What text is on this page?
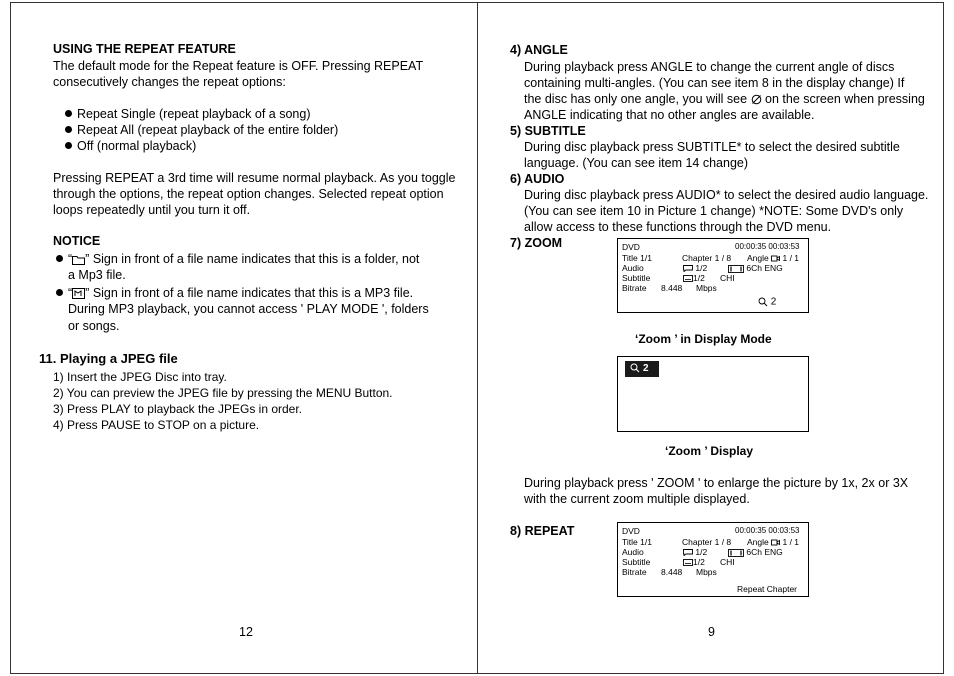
USING THE REPEAT FEATURE
The default mode for the Repeat feature is OFF. Pressing REPEAT
consecutively changes the repeat options:
Repeat Single (repeat playback of a song)
Repeat All (repeat playback of the entire folder)
Off (normal playback)
Pressing REPEAT a 3rd time will resume normal playback. As you toggle
through the options, the repeat option changes. Selected repeat option
loops repeatedly until you turn it off.
NOTICE
“ ” Sign in front of a file name indicates that this is a folder, not
a Mp3 file.
“ ” Sign in front of a file name indicates that this is a MP3 file.
During MP3 playback, you cannot access ' PLAY MODE ', folders
or songs.
11. Playing a JPEG file
1) Insert the JPEG Disc into tray.
2) You can preview the JPEG file by pressing the MENU Button.
3) Press PLAY to playback the JPEGs in order.
4) Press PAUSE to STOP on a picture.
12
4) ANGLE
During playback press ANGLE to change the current angle of discs
containing multi-angles. (You can see item 8 in the display change) If
the disc has only one angle, you will see on the screen when pressing
ANGLE indicating that no other angles are available.
5) SUBTITLE
During disc playback press SUBTITLE* to select the desired subtitle
language. (You can see item 14 change)
6) AUDIO
During disc playback press AUDIO* to select the desired audio language.
(You can see item 10 in Picture 1 change) *NOTE: Some DVD's only
allow access to these functions through the DVD menu.
7) ZOOM	DVD	00:00:35 00:03:53
Title 1/1	Chapter 1 / 8 Angle 1 / 1
Audio	1/2	6Ch ENG
Subtitle	1/2 CHI
Bitrate 8.448 Mbps
2
‘Zoom ’ in Display Mode
2
‘Zoom ’ Display
During playback press ' ZOOM ' to enlarge the picture by 1x, 2x or 3X
with the current zoom multiple displayed.
8) REPEAT	DVD	00:00:35 00:03:53
Title 1/1	Chapter 1 / 8 Angle 1 / 1
Audio	1/2	6Ch ENG
Subtitle	1/2 CHI
Bitrate 8.448 Mbps
Repeat Chapter
9
